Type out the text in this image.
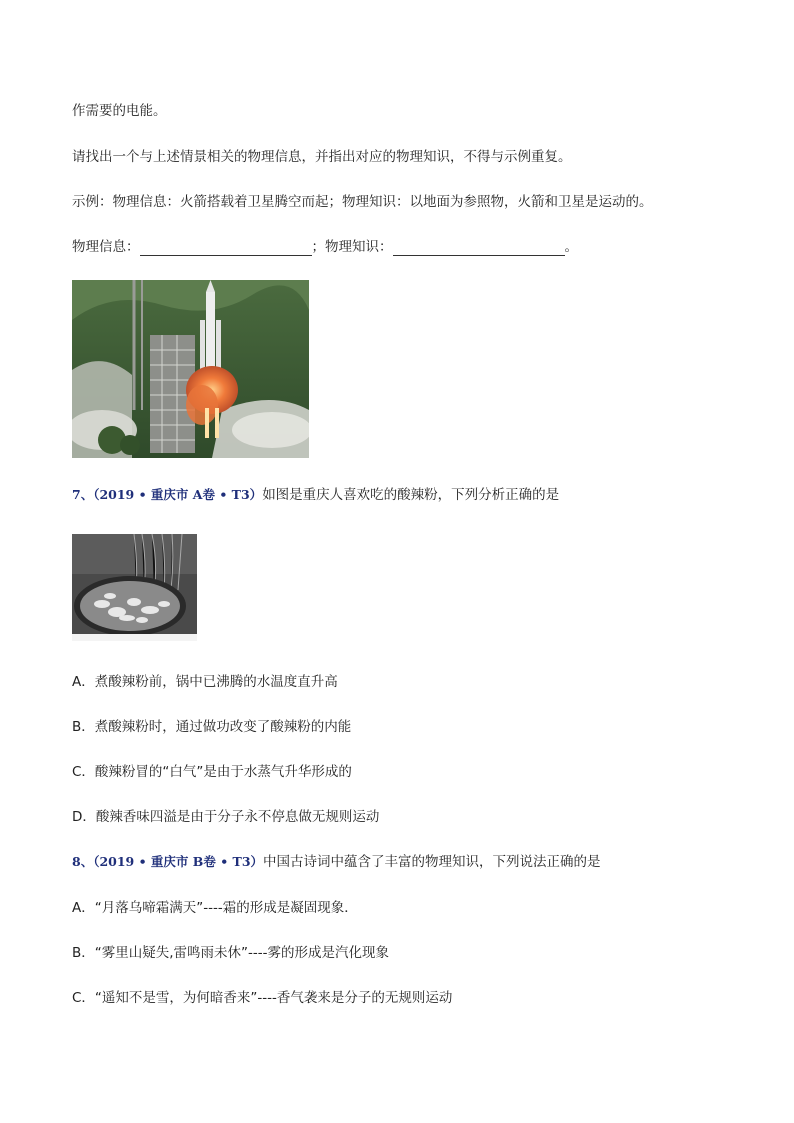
作需要的电能。
请找出一个与上述情景相关的物理信息，并指出对应的物理知识，不得与示例重复。
示例：物理信息：火箭搭载着卫星腾空而起；物理知识：以地面为参照物，火箭和卫星是运动的。
物理信息：	；物理知识：	。
7、（2019 • 重庆市 A卷 • T3）如图是重庆人喜欢吃的酸辣粉，下列分析正确的是
A．煮酸辣粉前，锅中已沸腾的水温度直升高
B．煮酸辣粉时，通过做功改变了酸辣粉的内能
C．酸辣粉冒的“白气”是由于水蒸气升华形成的
D．酸辣香味四溢是由于分子永不停息做无规则运动
8、（2019 • 重庆市 B卷 • T3）中国古诗词中蕴含了丰富的物理知识，下列说法正确的是
A．“月落乌啼霜满天”----霜的形成是凝固现象．
B．“雾里山疑失,雷鸣雨未休”----雾的形成是汽化现象
C．“遥知不是雪，为何暗香来”----香气袭来是分子的无规则运动
